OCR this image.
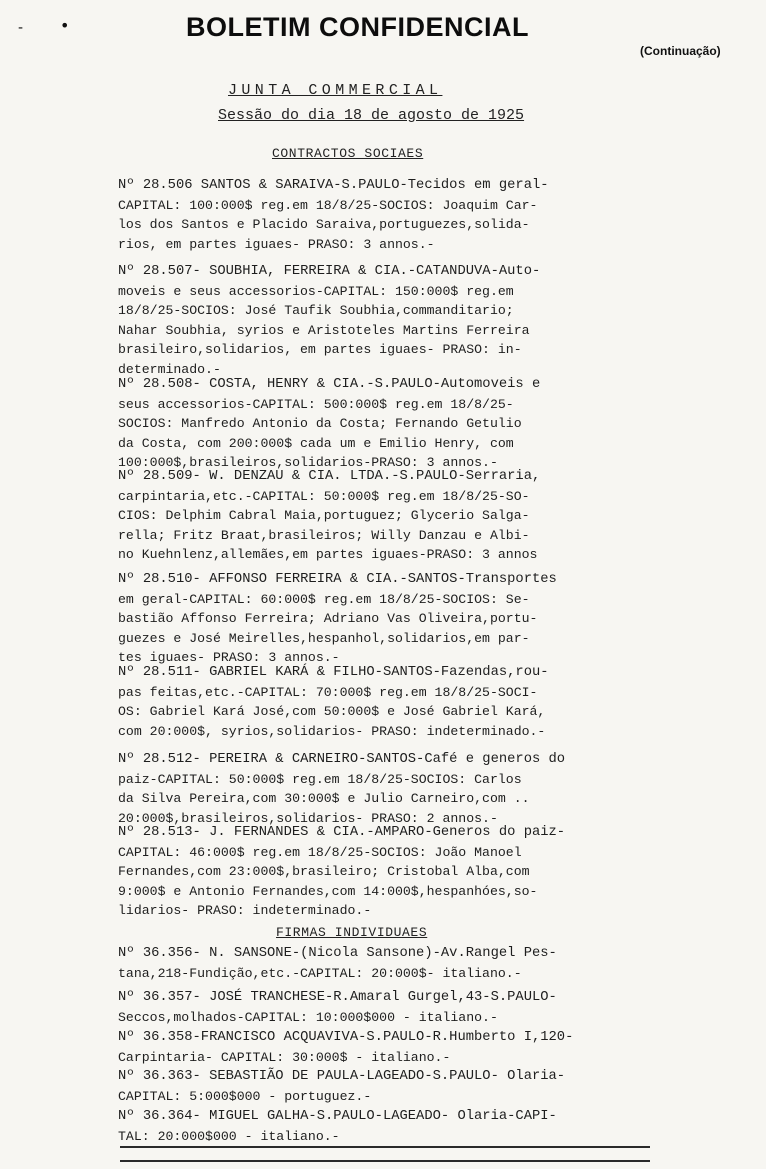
- •	BOLETIM CONFIDENCIAL
(Continuação)
JUNTA COMMERCIAL
Sessão do dia 18 de agosto de 1925
CONTRACTOS SOCIAES
Nº 28.506 SANTOS & SARAIVA-S.PAULO-Tecidos em geral-
CAPITAL: 100:000$ reg.em 18/8/25-SOCIOS: Joaquim Car-
los dos Santos e Placido Saraiva,portuguezes,solida-
rios, em partes iguaes- PRASO: 3 annos.-
Nº 28.507- SOUBHIA, FERREIRA & CIA.-CATANDUVA-Auto-
moveis e seus accessorios-CAPITAL: 150:000$ reg.em
18/8/25-SOCIOS: José Taufik Soubhia,commanditario;
Nahar Soubhia, syrios e Aristoteles Martins Ferreira
brasileiro,solidarios, em partes iguaes- PRASO: in-
determinado.-
Nº 28.508- COSTA, HENRY & CIA.-S.PAULO-Automoveis e
seus accessorios-CAPITAL: 500:000$ reg.em 18/8/25-
SOCIOS: Manfredo Antonio da Costa; Fernando Getulio
da Costa, com 200:000$ cada um e Emilio Henry, com
100:000$,brasileiros,solidarios-PRASO: 3 annos.-
Nº 28.509- W. DENZAU & CIA. LTDA.-S.PAULO-Serraria,
carpintaria,etc.-CAPITAL: 50:000$ reg.em 18/8/25-SO-
CIOS: Delphim Cabral Maia,portuguez; Glycerio Salga-
rella; Fritz Braat,brasileiros; Willy Danzau e Albi-
no Kuehnlenz,allemães,em partes iguaes-PRASO: 3 annos
Nº 28.510- AFFONSO FERREIRA & CIA.-SANTOS-Transportes
em geral-CAPITAL: 60:000$ reg.em 18/8/25-SOCIOS: Se-
bastião Affonso Ferreira; Adriano Vas Oliveira,portu-
guezes e José Meirelles,hespanhol,solidarios,em par-
tes iguaes- PRASO: 3 annos.-
Nº 28.511- GABRIEL KARÁ & FILHO-SANTOS-Fazendas,rou-
pas feitas,etc.-CAPITAL: 70:000$ reg.em 18/8/25-SOCI-
OS: Gabriel Kará José,com 50:000$ e José Gabriel Kará,
com 20:000$, syrios,solidarios- PRASO: indeterminado.-
Nº 28.512- PEREIRA & CARNEIRO-SANTOS-Café e generos do
paiz-CAPITAL: 50:000$ reg.em 18/8/25-SOCIOS: Carlos
da Silva Pereira,com 30:000$ e Julio Carneiro,com ..
20:000$,brasileiros,solidarios- PRASO: 2 annos.-
Nº 28.513- J. FERNANDES & CIA.-AMPARO-Generos do paiz-
CAPITAL: 46:000$ reg.em 18/8/25-SOCIOS: João Manoel
Fernandes,com 23:000$,brasileiro; Cristobal Alba,com
9:000$ e Antonio Fernandes,com 14:000$,hespanhóes,so-
lidarios- PRASO: indeterminado.-
FIRMAS INDIVIDUAES
Nº 36.356- N. SANSONE-(Nicola Sansone)-Av.Rangel Pes-
tana,218-Fundição,etc.-CAPITAL: 20:000$- italiano.-
Nº 36.357- JOSÉ TRANCHESE-R.Amaral Gurgel,43-S.PAULO-
Seccos,molhados-CAPITAL: 10:000$000 - italiano.-
Nº 36.358-FRANCISCO ACQUAVIVA-S.PAULO-R.Humberto I,120-
Carpintaria- CAPITAL: 30:000$ - italiano.-
Nº 36.363- SEBASTIÃO DE PAULA-LAGEADO-S.PAULO- Olaria-
CAPITAL: 5:000$000 - portuguez.-
Nº 36.364- MIGUEL GALHA-S.PAULO-LAGEADO- Olaria-CAPI-
TAL: 20:000$000 - italiano.-
